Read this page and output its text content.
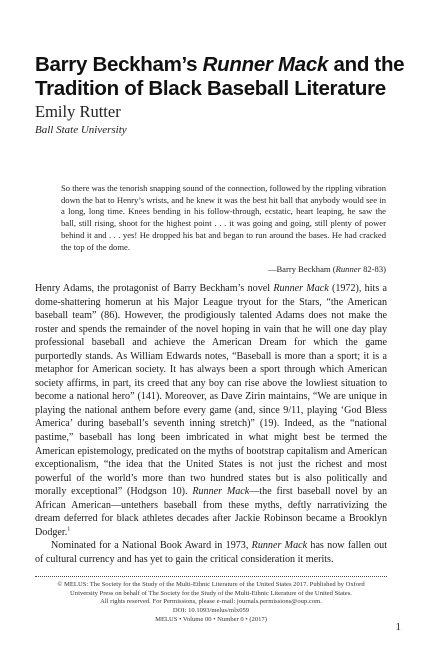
Barry Beckham’s Runner Mack and the Tradition of Black Baseball Literature
Emily Rutter
Ball State University
So there was the tenorish snapping sound of the connection, followed by the rippling vibration down the bat to Henry’s wrists, and he knew it was the best hit ball that anybody would see in a long, long time. Knees bending in his follow-through, ecstatic, heart leaping, he saw the ball, still rising, shoot for the highest point . . . it was going and going, still plenty of power behind it and . . . yes! He dropped his bat and began to run around the bases. He had cracked the top of the dome.
—Barry Beckham (Runner 82-83)

Henry Adams, the protagonist of Barry Beckham’s novel Runner Mack (1972), hits a dome-shattering homerun at his Major League tryout for the Stars, “the American baseball team” (86). However, the prodigiously talented Adams does not make the roster and spends the remainder of the novel hoping in vain that he will one day play professional baseball and achieve the American Dream for which the game purportedly stands. As William Edwards notes, “Baseball is more than a sport; it is a metaphor for American society. It has always been a sport through which American society affirms, in part, its creed that any boy can rise above the lowliest situation to become a national hero” (141). Moreover, as Dave Zirin maintains, “We are unique in playing the national anthem before every game (and, since 9/11, playing ‘God Bless America’ during baseball’s seventh inning stretch)” (19). Indeed, as the “national pastime,” baseball has long been imbricated in what might best be termed the American epistemology, predicated on the myths of bootstrap capitalism and American exceptionalism, “the idea that the United States is not just the richest and most powerful of the world’s more than two hundred states but is also politically and morally exceptional” (Hodgson 10). Runner Mack—the first baseball novel by an African American—untethers baseball from these myths, deftly narrativizing the dream deferred for black athletes decades after Jackie Robinson became a Brooklyn Dodger.$^1$

Nominated for a National Book Award in 1973, Runner Mack has now fallen out of cultural currency and has yet to gain the critical consideration it merits.

© MELUS: The Society for the Study of the Multi-Ethnic Literature of the United States 2017. Published by Oxford
University Press on behalf of The Society for the Study of the Multi-Ethnic Literature of the United States.
All rights reserved. For Permissions, please e-mail: journals.permissions@oup.com.
DOI: 10.1093/melus/mlx059
MELUS • Volume 00 • Number 0 • (2017)
1
